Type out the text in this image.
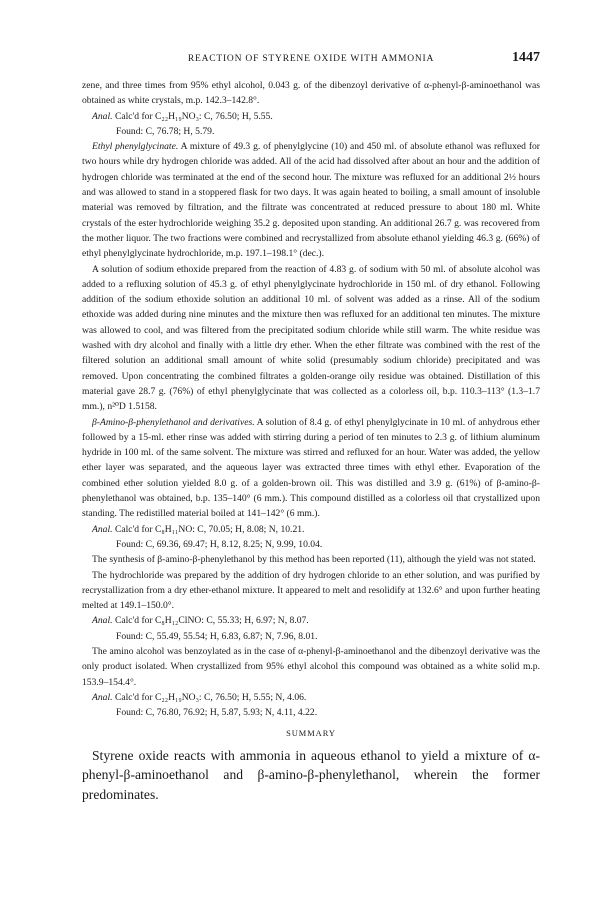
REACTION OF STYRENE OXIDE WITH AMMONIA	1447

zene, and three times from 95% ethyl alcohol, 0.043 g. of the dibenzoyl derivative of α-phenyl-β-aminoethanol was obtained as white crystals, m.p. 142.3–142.8°.

Anal. Calc'd for C₂₂H₁₉NO₃: C, 76.50; H, 5.55.

Found: C, 76.78; H, 5.79.

Ethyl phenylglycinate. A mixture of 49.3 g. of phenylglycine (10) and 450 ml. of absolute ethanol was refluxed for two hours while dry hydrogen chloride was added. All of the acid had dissolved after about an hour and the addition of hydrogen chloride was terminated at the end of the second hour. The mixture was refluxed for an additional 2½ hours and was allowed to stand in a stoppered flask for two days. It was again heated to boiling, a small amount of insoluble material was removed by filtration, and the filtrate was concentrated at reduced pressure to about 180 ml. White crystals of the ester hydrochloride weighing 35.2 g. deposited upon standing. An additional 26.7 g. was recovered from the mother liquor. The two fractions were combined and recrystallized from absolute ethanol yielding 46.3 g. (66%) of ethyl phenylglycinate hydrochloride, m.p. 197.1–198.1° (dec.).

A solution of sodium ethoxide prepared from the reaction of 4.83 g. of sodium with 50 ml. of absolute alcohol was added to a refluxing solution of 45.3 g. of ethyl phenylglycinate hydrochloride in 150 ml. of dry ethanol. Following addition of the sodium ethoxide solution an additional 10 ml. of solvent was added as a rinse. All of the sodium ethoxide was added during nine minutes and the mixture then was refluxed for an additional ten minutes. The mixture was allowed to cool, and was filtered from the precipitated sodium chloride while still warm. The white residue was washed with dry alcohol and finally with a little dry ether. When the ether filtrate was combined with the rest of the filtered solution an additional small amount of white solid (presumably sodium chloride) precipitated and was removed. Upon concentrating the combined filtrates a golden-orange oily residue was obtained. Distillation of this material gave 28.7 g. (76%) of ethyl phenylglycinate that was collected as a colorless oil, b.p. 110.3–113° (1.3–1.7 mm.), n²⁰D 1.5158.

β-Amino-β-phenylethanol and derivatives. A solution of 8.4 g. of ethyl phenylglycinate in 10 ml. of anhydrous ether followed by a 15-ml. ether rinse was added with stirring during a period of ten minutes to 2.3 g. of lithium aluminum hydride in 100 ml. of the same solvent. The mixture was stirred and refluxed for an hour. Water was added, the yellow ether layer was separated, and the aqueous layer was extracted three times with ethyl ether. Evaporation of the combined ether solution yielded 8.0 g. of a golden-brown oil. This was distilled and 3.9 g. (61%) of β-amino-β-phenylethanol was obtained, b.p. 135–140° (6 mm.). This compound distilled as a colorless oil that crystallized upon standing. The redistilled material boiled at 141–142° (6 mm.).

Anal. Calc'd for C₈H₁₁NO: C, 70.05; H, 8.08; N, 10.21.

Found: C, 69.36, 69.47; H, 8.12, 8.25; N, 9.99, 10.04.

The synthesis of β-amino-β-phenylethanol by this method has been reported (11), although the yield was not stated.

The hydrochloride was prepared by the addition of dry hydrogen chloride to an ether solution, and was purified by recrystallization from a dry ether-ethanol mixture. It appeared to melt and resolidify at 132.6° and upon further heating melted at 149.1–150.0°.

Anal. Calc'd for C₈H₁₂ClNO: C, 55.33; H, 6.97; N, 8.07.

Found: C, 55.49, 55.54; H, 6.83, 6.87; N, 7.96, 8.01.

The amino alcohol was benzoylated as in the case of α-phenyl-β-aminoethanol and the dibenzoyl derivative was the only product isolated. When crystallized from 95% ethyl alcohol this compound was obtained as a white solid m.p. 153.9–154.4°.

Anal. Calc'd for C₂₂H₁₉NO₃: C, 76.50; H, 5.55; N, 4.06.

Found: C, 76.80, 76.92; H, 5.87, 5.93; N, 4.11, 4.22.

SUMMARY

Styrene oxide reacts with ammonia in aqueous ethanol to yield a mixture of α-phenyl-β-aminoethanol and β-amino-β-phenylethanol, wherein the former predominates.
